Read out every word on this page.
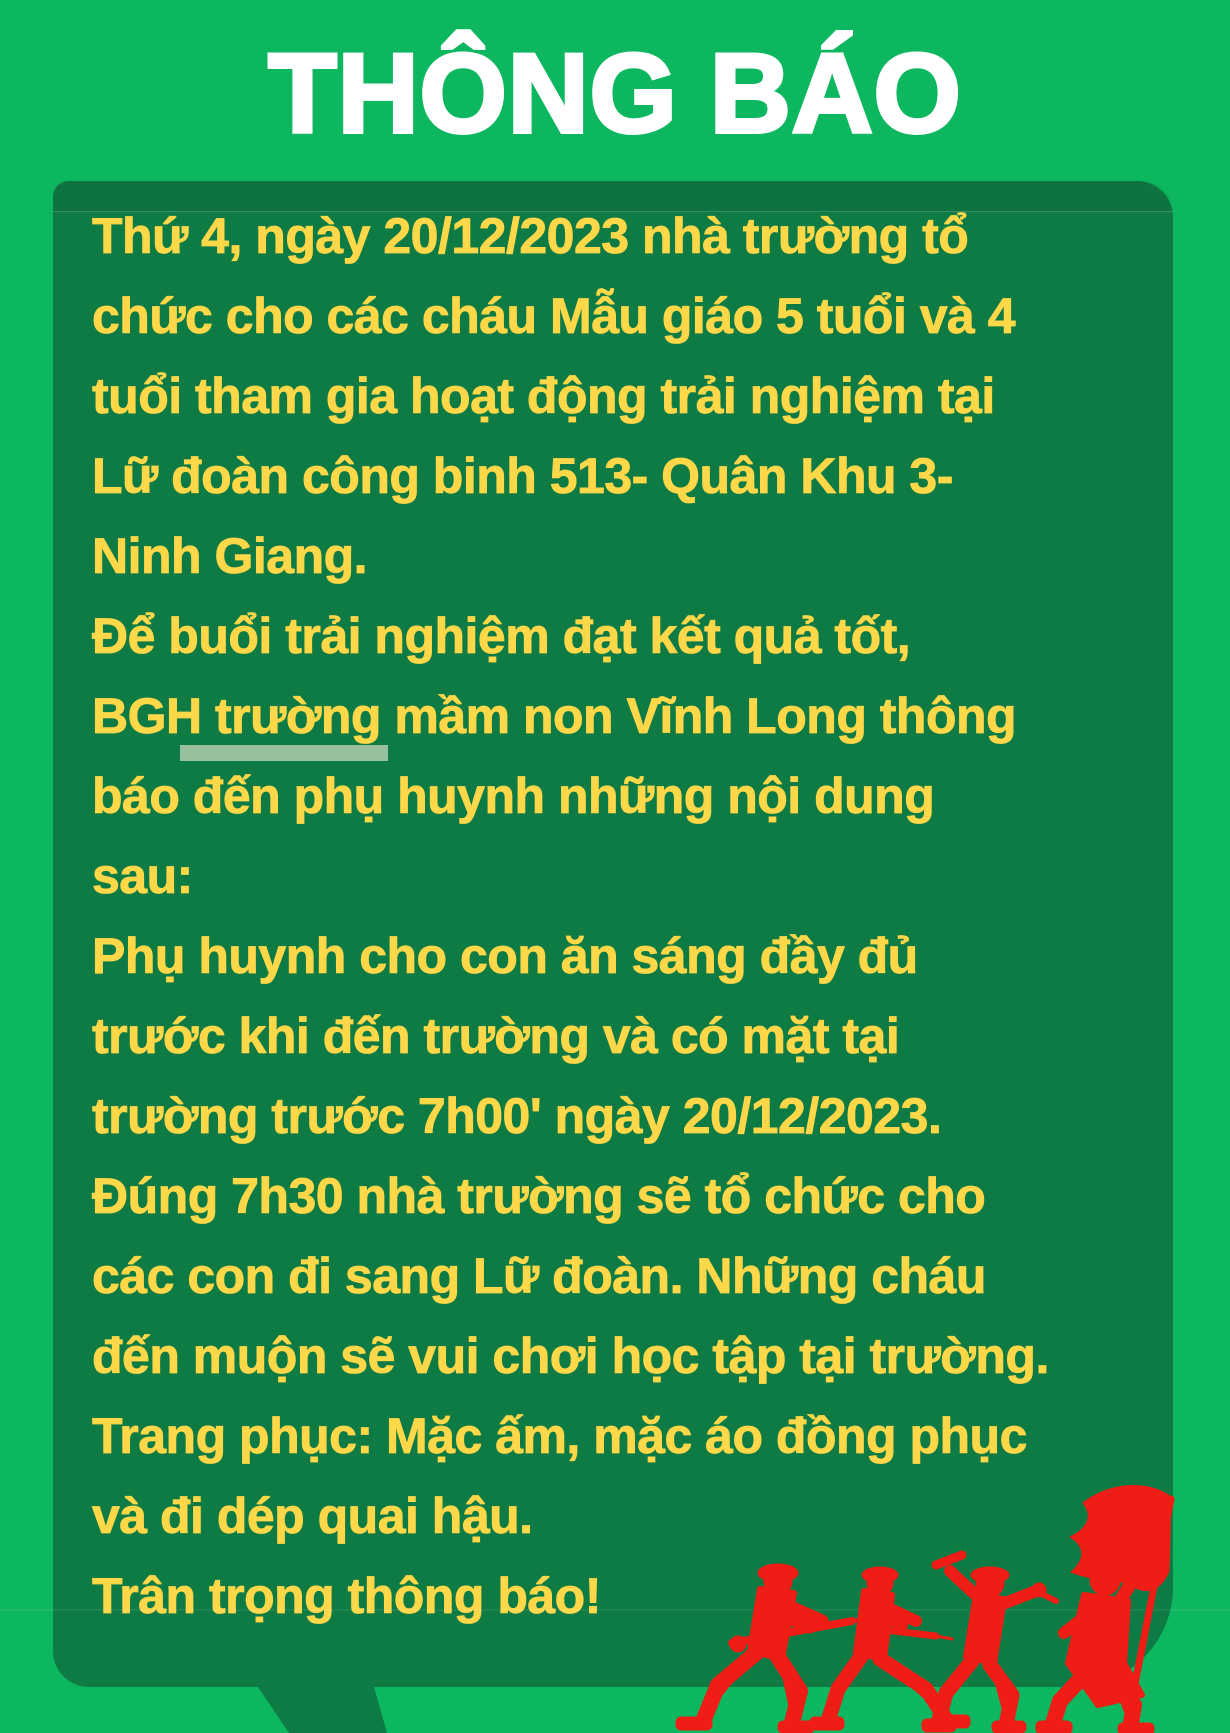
THÔNG BÁO
Thứ 4, ngày 20/12/2023 nhà trường tổ
chức cho các cháu Mẫu giáo 5 tuổi và 4
tuổi tham gia hoạt động trải nghiệm tại
Lữ đoàn công binh 513- Quân Khu 3-
Ninh Giang.
Để buổi trải nghiệm đạt kết quả tốt,
BGH trường mầm non Vĩnh Long thông
báo đến phụ huynh những nội dung
sau:
Phụ huynh cho con ăn sáng đầy đủ
trước khi đến trường và có mặt tại
trường trước 7h00' ngày 20/12/2023.
Đúng 7h30 nhà trường sẽ tổ chức cho
các con đi sang Lữ đoàn. Những cháu
đến muộn sẽ vui chơi học tập tại trường.
Trang phục: Mặc ấm, mặc áo đồng phục
và đi dép quai hậu.
Trân trọng thông báo!
